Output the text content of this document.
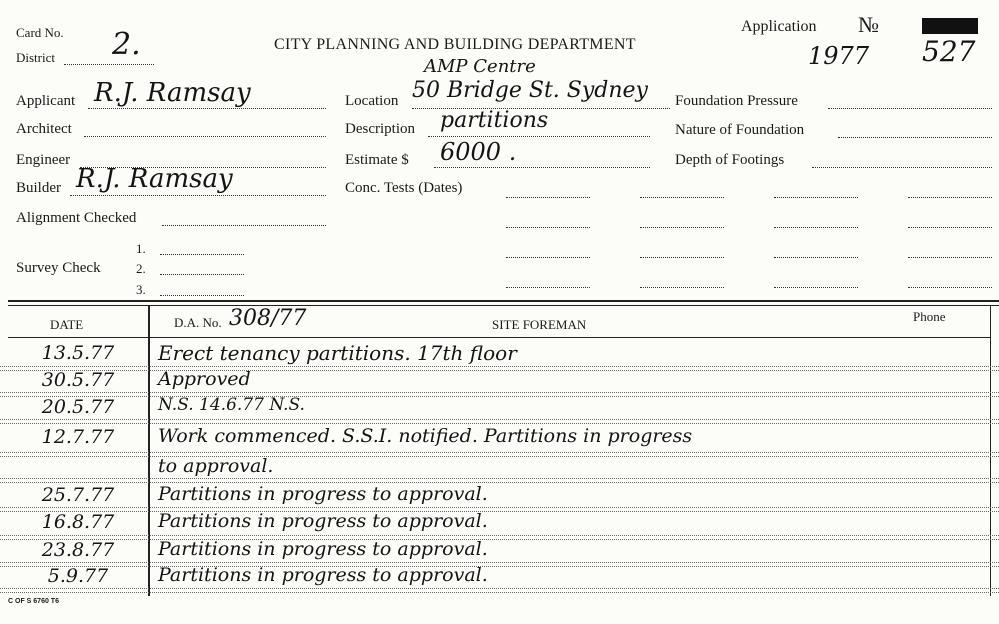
Card No.
District 2.	CITY PLANNING AND BUILDING DEPARTMENT
Application №
1977 527
Applicant R.J. Ramsay
Architect
Engineer
Builder R.J. Ramsay
Alignment Checked
1.
Survey Check	2.
3.
AMP Centre
Location 50 Bridge St. Sydney
Description partitions
Estimate $ 6000 .
Conc. Tests (Dates)
Foundation Pressure
Nature of Foundation
Depth of Footings
DATE	D.A. No. 308/77	SITE FOREMAN
Phone
13.5.77	Erect tenancy partitions. 17th floor
30.5.77	Approved
20.5.77	N.S. 14.6.77 N.S.
12.7.77	Work commenced. S.S.I. notified. Partitions in progress
to approval.
25.7.77	Partitions in progress to approval.
16.8.77	Partitions in progress to approval.
23.8.77	Partitions in progress to approval.
5.9.77	Partitions in progress to approval.
C OF S 6760 T6
